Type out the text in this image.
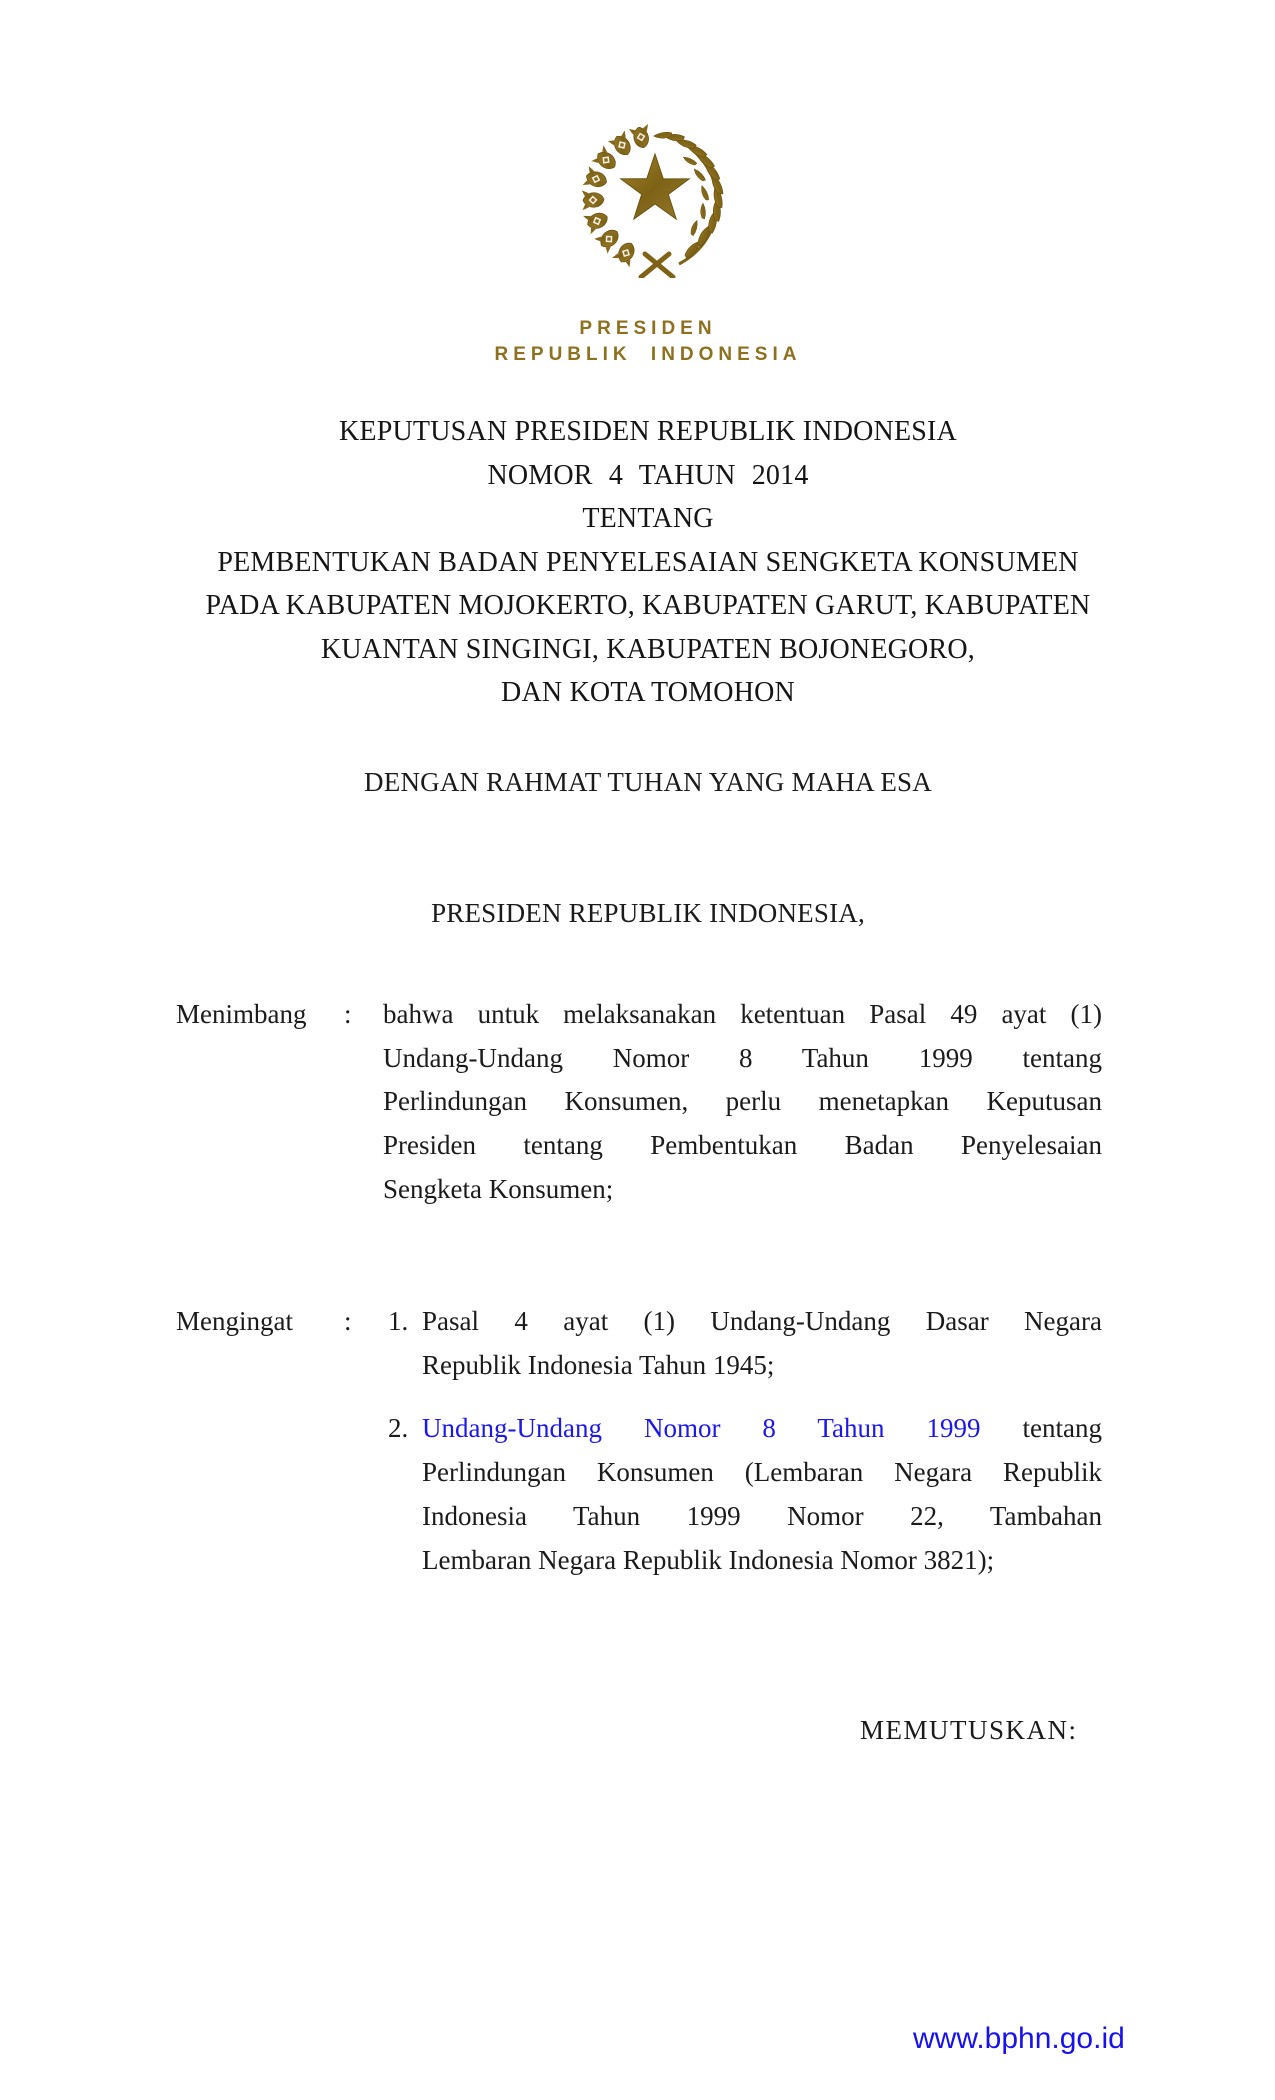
PRESIDEN
REPUBLIK INDONESIA
KEPUTUSAN PRESIDEN REPUBLIK INDONESIA
NOMOR 4 TAHUN 2014
TENTANG
PEMBENTUKAN BADAN PENYELESAIAN SENGKETA KONSUMEN
PADA KABUPATEN MOJOKERTO, KABUPATEN GARUT, KABUPATEN
KUANTAN SINGINGI, KABUPATEN BOJONEGORO,
DAN KOTA TOMOHON
DENGAN RAHMAT TUHAN YANG MAHA ESA
PRESIDEN REPUBLIK INDONESIA,
Menimbang : bahwa untuk melaksanakan ketentuan Pasal 49 ayat (1)
Undang-Undang Nomor 8 Tahun 1999 tentang
Perlindungan Konsumen, perlu menetapkan Keputusan
Presiden tentang Pembentukan Badan Penyelesaian
Sengketa Konsumen;
Mengingat : 1. Pasal 4 ayat (1) Undang-Undang Dasar Negara
Republik Indonesia Tahun 1945;
2. Undang-Undang Nomor 8 Tahun 1999 tentang
Perlindungan Konsumen (Lembaran Negara Republik
Indonesia Tahun 1999 Nomor 22, Tambahan
Lembaran Negara Republik Indonesia Nomor 3821);
MEMUTUSKAN:
www.bphn.go.id
